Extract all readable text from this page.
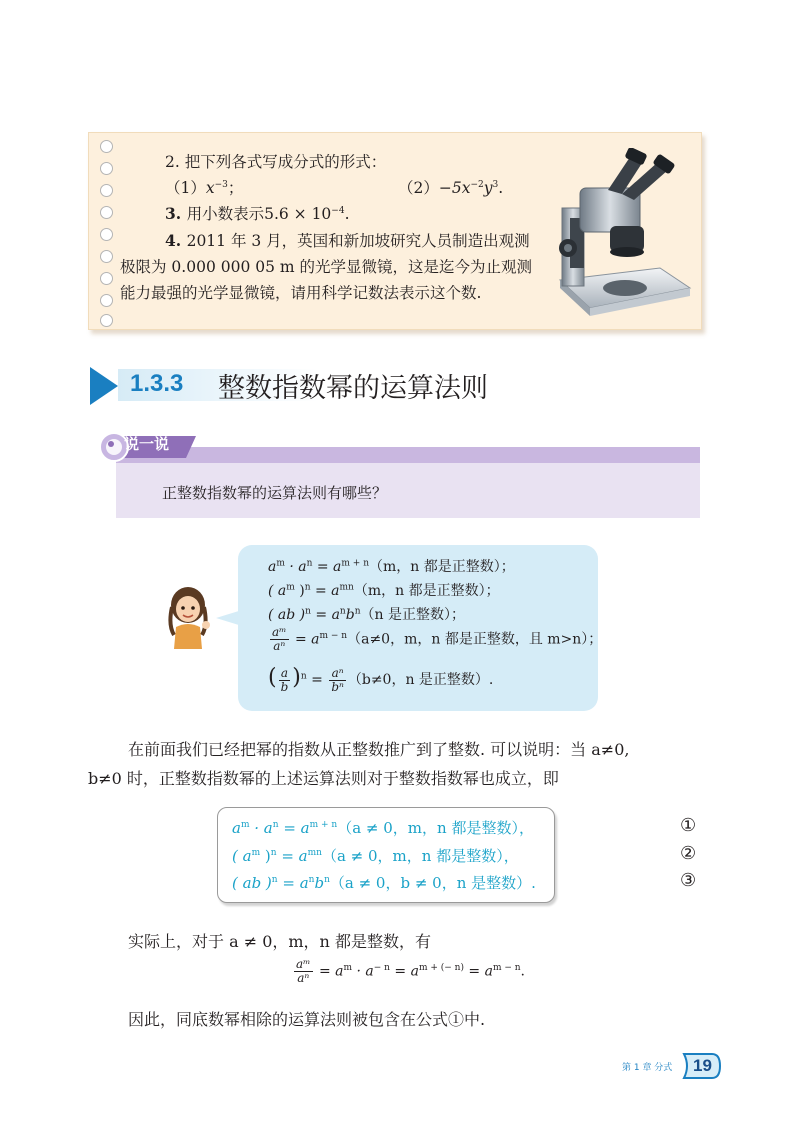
2. 把下列各式写成分式的形式：
$(1)x^{-3}$；	$(2)-5x^{-2}y^3$.
3. 用小数表示$5.6 \times 10^{-4}$.
4. 2011 年 3 月，英国和新加坡研究人员制造出观测
极限为 0.000 000 05 m 的光学显微镜，这是迄今为止观测
能力最强的光学显微镜，请用科学记数法表示这个数.
1.3.3 整数指数幂的运算法则
说一说
正整数指数幂的运算法则有哪些？
$a^m \cdot a^n = a^{m + n}(m$，n 都是正整数）；
( $a^m$ )$^n = a^{mn}(m$，n 都是正整数）；
( ab )$^n = a^nb^n(n$ 是正整数）；
$\frac{\text{aᵐ}}{\text{aⁿ}} = a^{m - n}(a\ne 0$，m，n 都是正整数，且 m>n）；
( $\frac{a}{b} )^n = \frac{\text{aⁿ}}{\text{bⁿ}} (b\ne 0$，n 是正整数）.
在前面我们已经把幂的指数从正整数推广到了整数. 可以说明：当 a≠0,
b≠0 时，正整数指数幂的上述运算法则对于整数指数幂也成立，即
$a^m \cdot a^n = a^{m + n}(a \ne 0$，m，n 都是整数），
( $a^m$ )$^n = a^{mn}(a \ne 0$，m，n 都是整数），
( ab )$^n = a^nb^n(a \ne 0$，b ≠ 0，n 是整数）.
①
②
③
实际上，对于 a ≠ 0，m，n 都是整数，有
$\frac{\text{aᵐ}}{\text{aⁿ}} = a^m \cdot a^{- n} = a^{m + (- n)} = a^{m - n}$.
因此，同底数幂相除的运算法则被包含在公式①中.
第 1 章 分式 19
